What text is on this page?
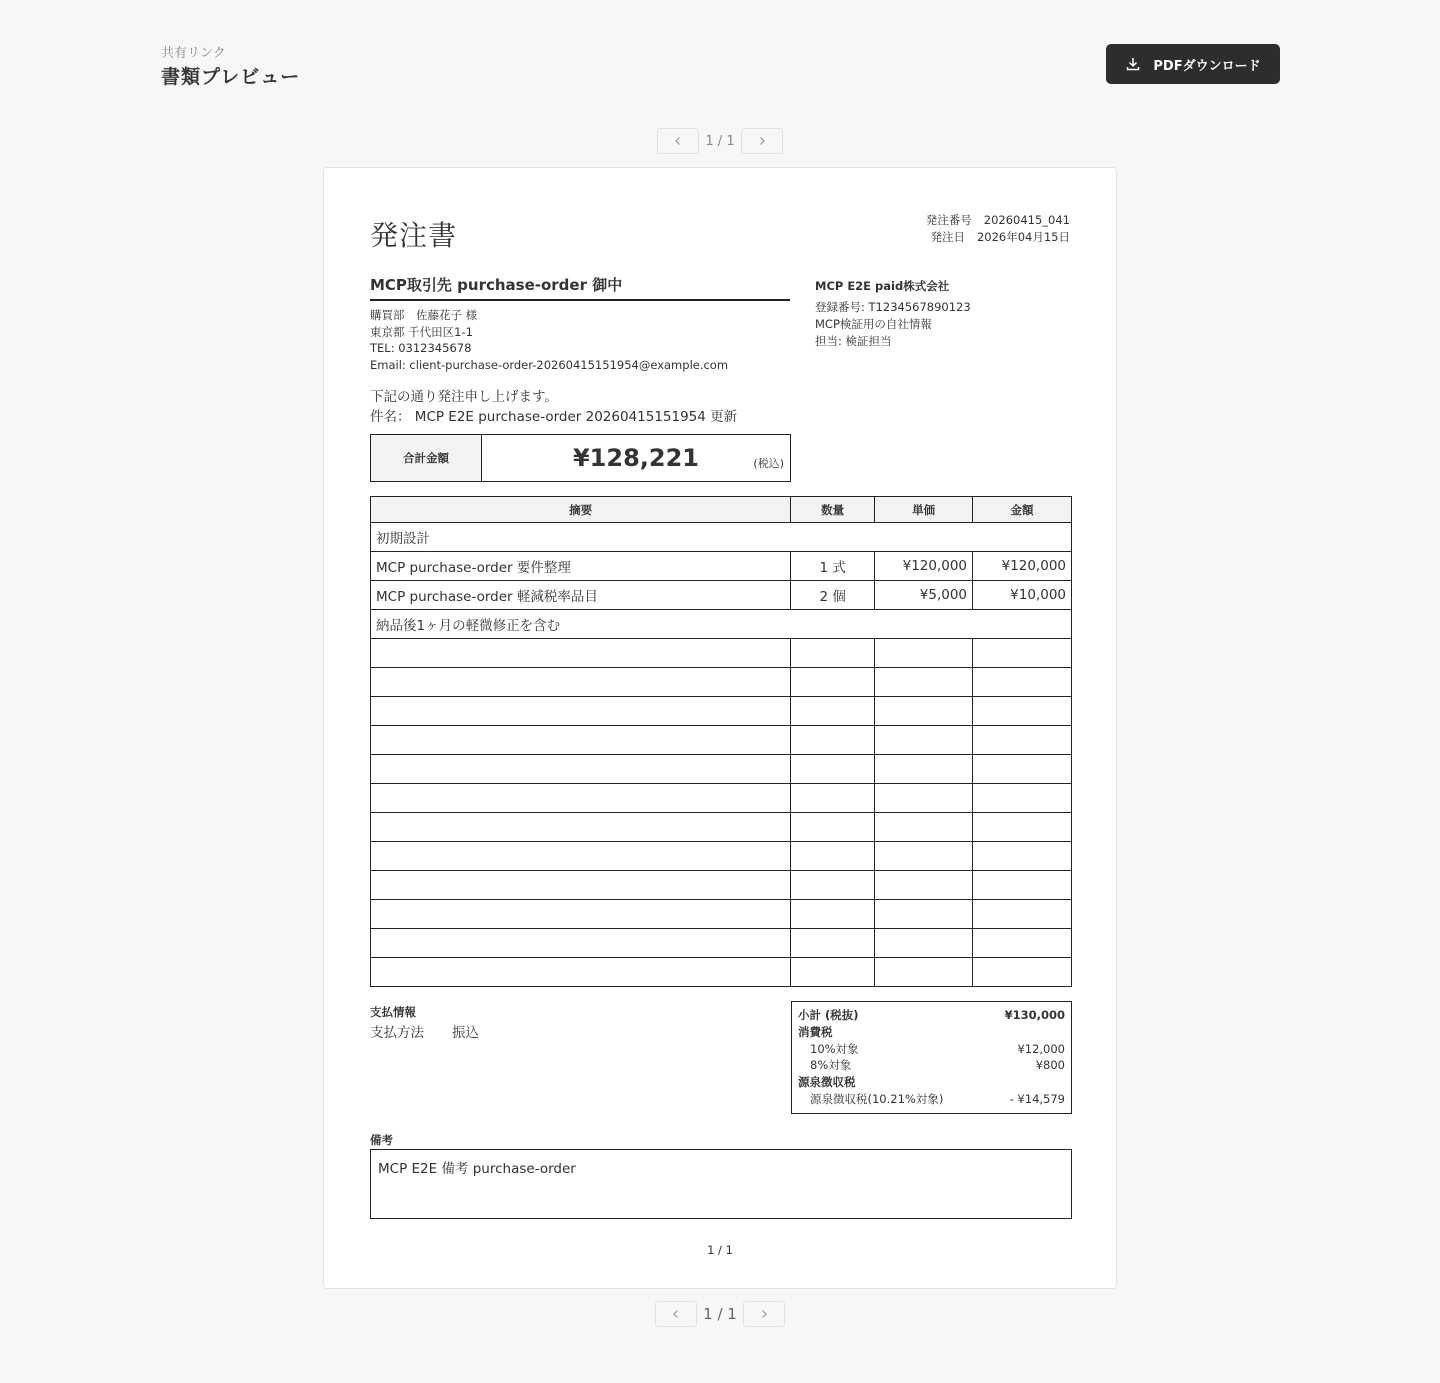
共有リンク
書類プレビュー	PDFダウンロード
1 / 1
発注書	発注番号 20260415_041
発注日 2026年04月15日
MCP取引先 purchase-order 御中
購買部　佐藤花子 様
東京都 千代田区1-1
TEL: 0312345678
Email: client-purchase-order-20260415151954@example.com
MCP E2E paid株式会社
登録番号: T1234567890123
MCP検証用の自社情報
担当: 検証担当
下記の通り発注申し上げます。
件名： MCP E2E purchase-order 20260415151954 更新
合計金額	¥128,221	(税込)
摘要	数量	単価	金額
初期設計			
MCP purchase-order 要件整理	1 式	¥120,000	¥120,000
MCP purchase-order 軽減税率品目	2 個	¥5,000	¥10,000
納品後1ヶ月の軽微修正を含む			

支払情報
支払方法 振込
小計 (税抜)	¥130,000
消費税
10%対象	¥12,000
8%対象	¥800
源泉徴収税
源泉徴収税(10.21%対象)	- ¥14,579
備考
MCP E2E 備考 purchase-order
1 / 1
1 / 1
